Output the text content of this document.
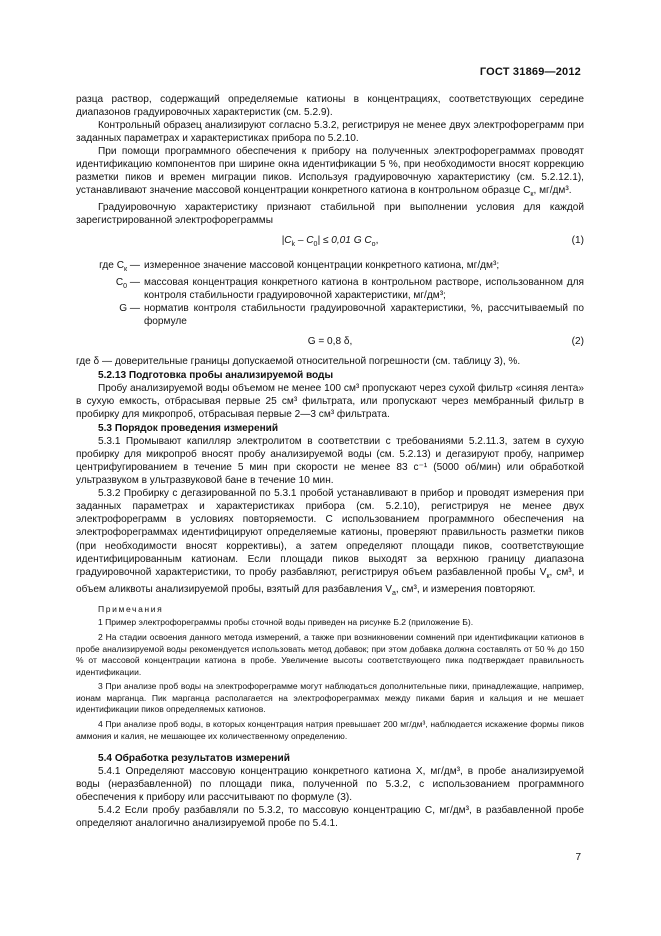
ГОСТ 31869—2012

разца раствор, содержащий определяемые катионы в концентрациях, соответствующих середине диапазонов градуировочных характеристик (см. 5.2.9).

Контрольный образец анализируют согласно 5.3.2, регистрируя не менее двух электрофореграмм при заданных параметрах и характеристиках прибора по 5.2.10.

При помощи программного обеспечения к прибору на полученных электрофореграммах проводят идентификацию компонентов при ширине окна идентификации 5 %, при необходимости вносят коррекцию разметки пиков и времен миграции пиков. Используя градуировочную характеристику (см. 5.2.12.1), устанавливают значение массовой концентрации конкретного катиона в контрольном образце $C_к$, мг/дм³.

Градуировочную характеристику признают стабильной при выполнении условия для каждой зарегистрированной электрофореграммы

$|C_k - C_0| \le 0,01$ G $C_o$,	(1)
где $C_к$ — измеренное значение массовой концентрации конкретного катиона, мг/дм³;
$C_0$ — массовая концентрация конкретного катиона в контрольном растворе, использованном для контроля стабильности градуировочной характеристики, мг/дм³;
G — норматив контроля стабильности градуировочной характеристики, %, рассчитываемый по формуле
G = 0,8 δ,	(2)

где δ — доверительные границы допускаемой относительной погрешности (см. таблицу 3), %.

5.2.13 Подготовка пробы анализируемой воды

Пробу анализируемой воды объемом не менее 100 см³ пропускают через сухой фильтр «синяя лента» в сухую емкость, отбрасывая первые 25 см³ фильтрата, или пропускают через мембранный фильтр в пробирку для микропроб, отбрасывая первые 2—3 см³ фильтрата.

5.3 Порядок проведения измерений

5.3.1 Промывают капилляр электролитом в соответствии с требованиями 5.2.11.3, затем в сухую пробирку для микропроб вносят пробу анализируемой воды (см. 5.2.13) и дегазируют пробу, например центрифугированием в течение 5 мин при скорости не менее 83 с⁻¹ (5000 об/мин) или обработкой ультразвуком в ультразвуковой бане в течение 10 мин.

5.3.2 Пробирку с дегазированной по 5.3.1 пробой устанавливают в прибор и проводят измерения при заданных параметрах и характеристиках прибора (см. 5.2.10), регистрируя не менее двух электрофореграмм в условиях повторяемости. С использованием программного обеспечения на электрофореграммах идентифицируют определяемые катионы, проверяют правильность разметки пиков (при необходимости вносят коррективы), а затем определяют площади пиков, соответствующие идентифицированным катионам. Если площади пиков выходят за верхнюю границу диапазона градуировочной характеристики, то пробу разбавляют, регистрируя объем разбавленной пробы $V_к$, см³, и объем аликвоты анализируемой пробы, взятый для разбавления $V_а$, см³, и измерения повторяют.

Примечания

1 Пример электрофореграммы пробы сточной воды приведен на рисунке Б.2 (приложение Б).

2 На стадии освоения данного метода измерений, а также при возникновении сомнений при идентификации катионов в пробе анализируемой воды рекомендуется использовать метод добавок; при этом добавка должна составлять от 50 % до 150 % от массовой концентрации катиона в пробе. Увеличение высоты соответствующего пика подтверждает правильность идентификации.

3 При анализе проб воды на электрофореграмме могут наблюдаться дополнительные пики, принадлежащие, например, ионам марганца. Пик марганца располагается на электрофореграммах между пиками бария и кальция и не мешает идентификации пиков определяемых катионов.

4 При анализе проб воды, в которых концентрация натрия превышает 200 мг/дм³, наблюдается искажение формы пиков аммония и калия, не мешающее их количественному определению.

5.4 Обработка результатов измерений

5.4.1 Определяют массовую концентрацию конкретного катиона X, мг/дм³, в пробе анализируемой воды (неразбавленной) по площади пика, полученной по 5.3.2, с использованием программного обеспечения к прибору или рассчитывают по формуле (3).

5.4.2 Если пробу разбавляли по 5.3.2, то массовую концентрацию C, мг/дм³, в разбавленной пробе определяют аналогично анализируемой пробе по 5.4.1.

7
